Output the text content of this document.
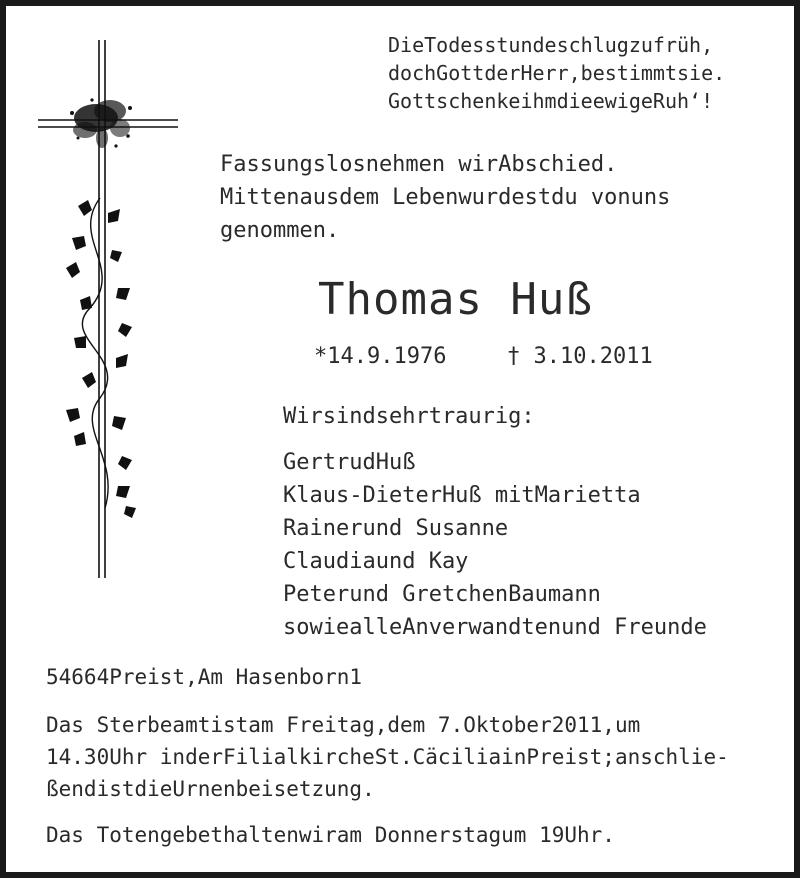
DieTodesstundeschlugzufrüh,
dochGottderHerr,bestimmtsie.
GottschenkeihmdieewigeRuh‘!
Fassungslosnehmen wirAbschied.
Mittenausdem Lebenwurdestdu vonuns
genommen.
Thomas Huß
*14.9.1976	† 3.10.2011
Wirsindsehrtraurig:
GertrudHuß
Klaus-DieterHuß mitMarietta
Rainerund Susanne
Claudiaund Kay
Peterund GretchenBaumann
sowiealleAnverwandtenund Freunde
54664Preist,Am Hasenborn1
Das Sterbeamtistam Freitag,dem 7.Oktober2011,um
14.30Uhr inderFilialkircheSt.CäciliainPreist;anschlie-
ßendistdieUrnenbeisetzung.
Das Totengebethaltenwiram Donnerstagum 19Uhr.
